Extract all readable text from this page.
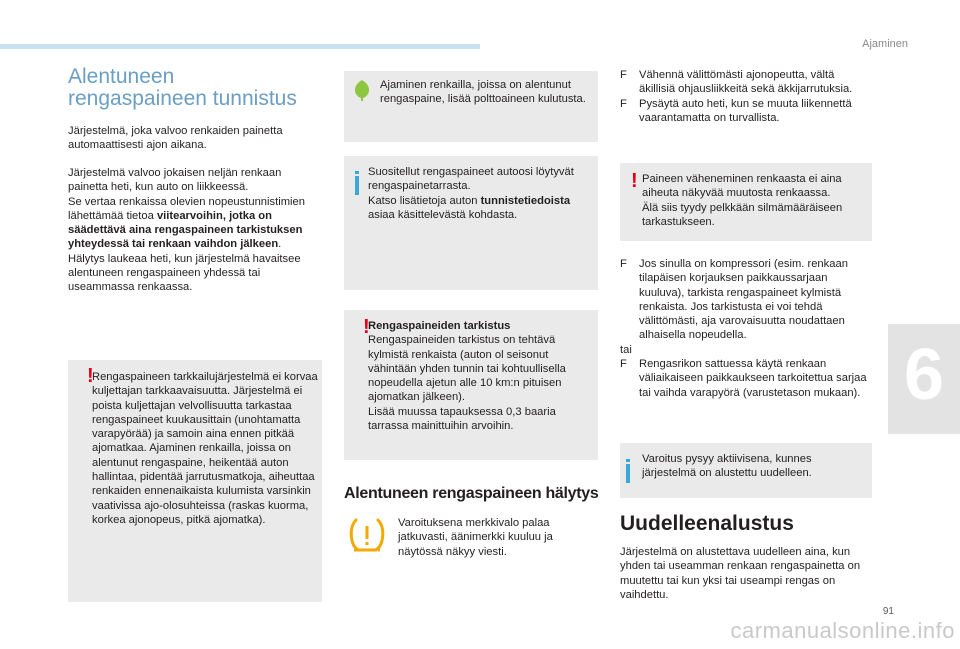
Ajaminen
6
91
carmanualsonline.info
Alentuneen
rengaspaineen tunnistus
Järjestelmä, joka valvoo renkaiden painetta automaattisesti ajon aikana.
Järjestelmä valvoo jokaisen neljän renkaan painetta heti, kun auto on liikkeessä.
Se vertaa renkaissa olevien nopeustunnistimien lähettämää tietoa viitearvoihin, jotka on säädettävä aina rengaspaineen tarkistuksen yhteydessä tai renkaan vaihdon jälkeen.
Hälytys laukeaa heti, kun järjestelmä havaitsee alentuneen rengaspaineen yhdessä tai useammassa renkaassa.
!
Rengaspaineen tarkkailujärjestelmä ei korvaa kuljettajan tarkkaavaisuutta. Järjestelmä ei poista kuljettajan velvollisuutta tarkastaa rengaspaineet kuukausittain (unohtamatta varapyörää) ja samoin aina ennen pitkää ajomatkaa. Ajaminen renkailla, joissa on alentunut rengaspaine, heikentää auton hallintaa, pidentää jarrutusmatkoja, aiheuttaa renkaiden ennenaikaista kulumista varsinkin vaativissa ajo-olosuhteissa (raskas kuorma, korkea ajonopeus, pitkä ajomatka).
Ajaminen renkailla, joissa on alentunut rengaspaine, lisää polttoaineen kulutusta.
Suositellut rengaspaineet autoosi löytyvät rengaspainetarrasta.
Katso lisätietoja auton tunnistetiedoista asiaa käsittelevästä kohdasta.
!
Rengaspaineiden tarkistus
Rengaspaineiden tarkistus on tehtävä kylmistä renkaista (auton ol seisonut vähintään yhden tunnin tai kohtuullisella nopeudella ajetun alle 10 km:n pituisen ajomatkan jälkeen).
Lisää muussa tapauksessa 0,3 baaria tarrassa mainittuihin arvoihin.
Alentuneen rengaspaineen hälytys
Varoituksena merkkivalo palaa jatkuvasti, äänimerkki kuuluu ja näytössä näkyy viesti.
F	Vähennä välittömästi ajonopeutta, vältä äkillisiä ohjausliikkeitä sekä äkkijarrutuksia.
F	Pysäytä auto heti, kun se muuta liikennettä vaarantamatta on turvallista.
! Paineen väheneminen renkaasta ei aina aiheuta näkyvää muutosta renkaassa.
Älä siis tyydy pelkkään silmämääräiseen tarkastukseen.
F	Jos sinulla on kompressori (esim. renkaan tilapäisen korjauksen paikkaussarjaan kuuluva), tarkista rengaspaineet kylmistä renkaista. Jos tarkistusta ei voi tehdä välittömästi, aja varovaisuutta noudattaen alhaisella nopeudella.
tai
F	Rengasrikon sattuessa käytä renkaan väliaikaiseen paikkaukseen tarkoitettua sarjaa tai vaihda varapyörä (varustetason mukaan).
Varoitus pysyy aktiivisena, kunnes järjestelmä on alustettu uudelleen.
Uudelleenalustus
Järjestelmä on alustettava uudelleen aina, kun yhden tai useamman renkaan rengaspainetta on muutettu tai kun yksi tai useampi rengas on vaihdettu.
